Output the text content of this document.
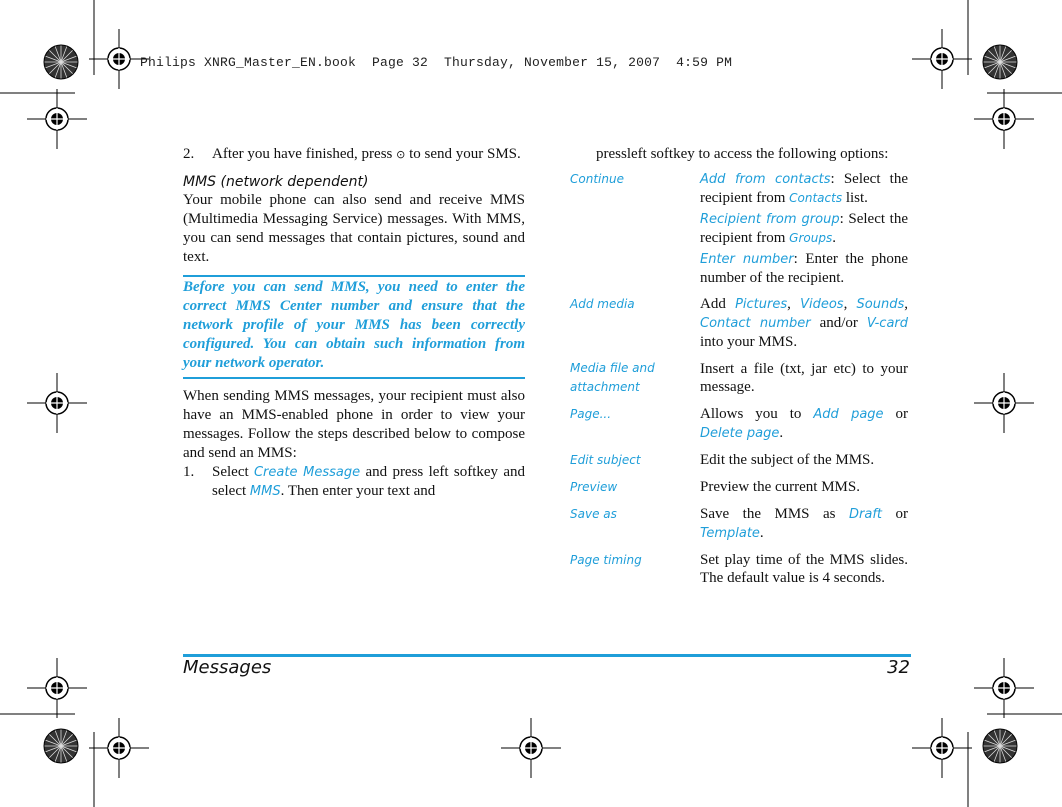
Philips XNRG_Master_EN.book  Page 32  Thursday, November 15, 2007  4:59 PM
2. After you have finished, press ⊙ to send your SMS.
MMS (network dependent)
Your mobile phone can also send and receive MMS (Multimedia Messaging Service) messages. With MMS, you can send messages that contain pictures, sound and text.
Before you can send MMS, you need to enter the correct MMS Center number and ensure that the network profile of your MMS has been correctly configured. You can obtain such information from your network operator.
When sending MMS messages, your recipient must also have an MMS-enabled phone in order to view your messages. Follow the steps described below to compose and send an MMS:
1. Select Create Message and press left softkey and select MMS. Then enter your text and
pressleft softkey to access the following options:
Continue	Add from contacts: Select the recipient from Contacts list.
Recipient from group: Select the recipient from Groups.
Enter number: Enter the phone number of the recipient.

Add media	Add Pictures, Videos, Sounds, Contact number and/or V-card into your MMS.
Media file and attachment	Insert a file (txt, jar etc) to your message.
Page...	Allows you to Add page or Delete page.
Edit subject	Edit the subject of the MMS.
Preview	Preview the current MMS.
Save as	Save the MMS as Draft or Template.
Page timing	Set play time of the MMS slides. The default value is 4 seconds.
Messages	32
